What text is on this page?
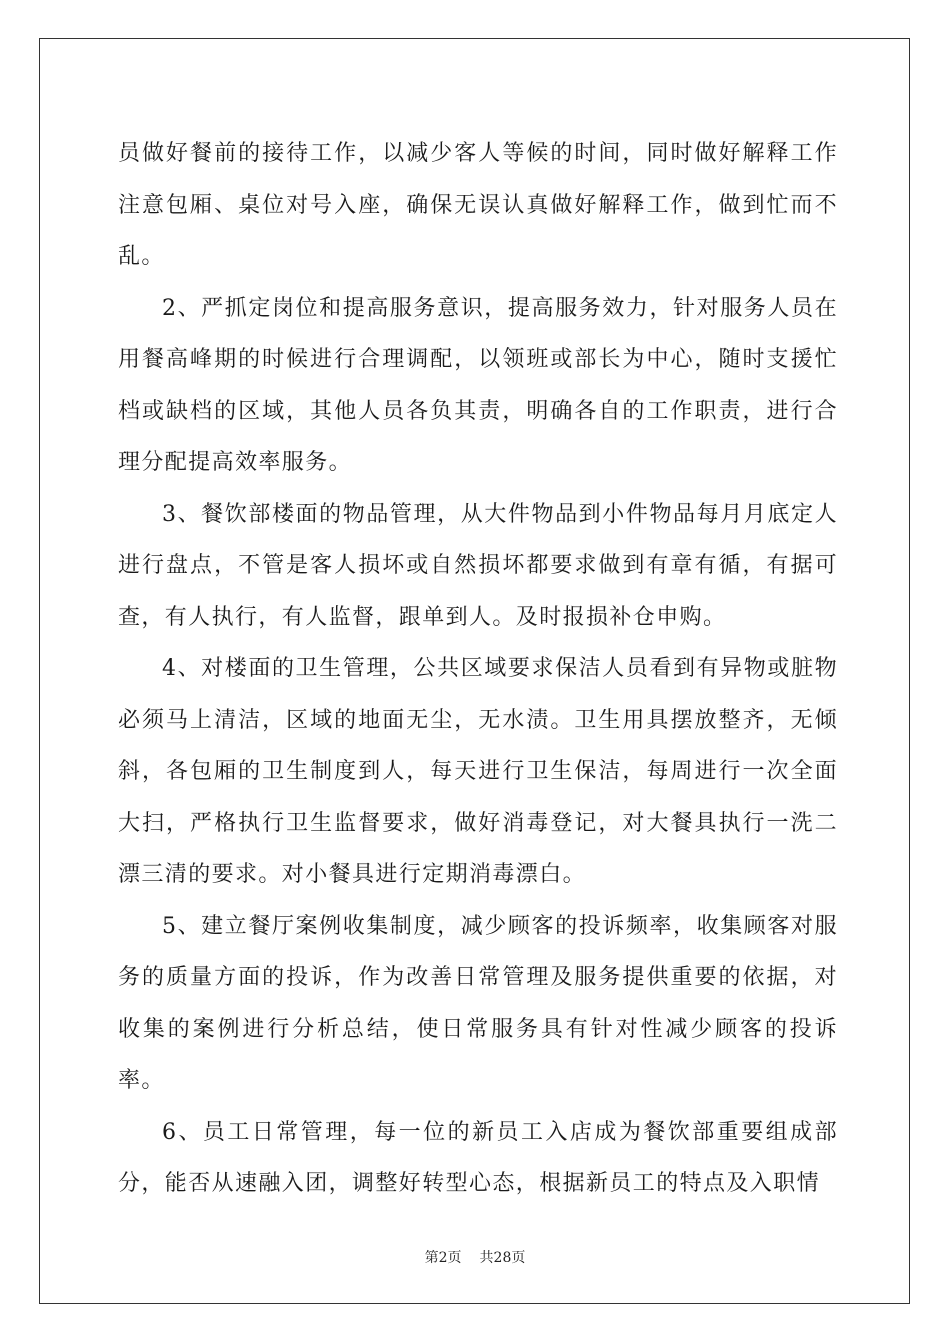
员做好餐前的接待工作，以减少客人等候的时间，同时做好解释工作注意包厢、桌位对号入座，确保无误认真做好解释工作，做到忙而不乱。

2、严抓定岗位和提高服务意识，提高服务效力，针对服务人员在用餐高峰期的时候进行合理调配，以领班或部长为中心，随时支援忙档或缺档的区域，其他人员各负其责，明确各自的工作职责，进行合理分配提高效率服务。

3、餐饮部楼面的物品管理，从大件物品到小件物品每月月底定人进行盘点，不管是客人损坏或自然损坏都要求做到有章有循，有据可查，有人执行，有人监督，跟单到人。及时报损补仓申购。

4、对楼面的卫生管理，公共区域要求保洁人员看到有异物或脏物必须马上清洁，区域的地面无尘，无水渍。卫生用具摆放整齐，无倾斜，各包厢的卫生制度到人，每天进行卫生保洁，每周进行一次全面大扫，严格执行卫生监督要求，做好消毒登记，对大餐具执行一洗二漂三清的要求。对小餐具进行定期消毒漂白。

5、建立餐厅案例收集制度，减少顾客的投诉频率，收集顾客对服务的质量方面的投诉，作为改善日常管理及服务提供重要的依据，对收集的案例进行分析总结，使日常服务具有针对性减少顾客的投诉率。

6、员工日常管理，每一位的新员工入店成为餐饮部重要组成部分，能否从速融入团，调整好转型心态，根据新员工的特点及入职情

第2页 共28页
